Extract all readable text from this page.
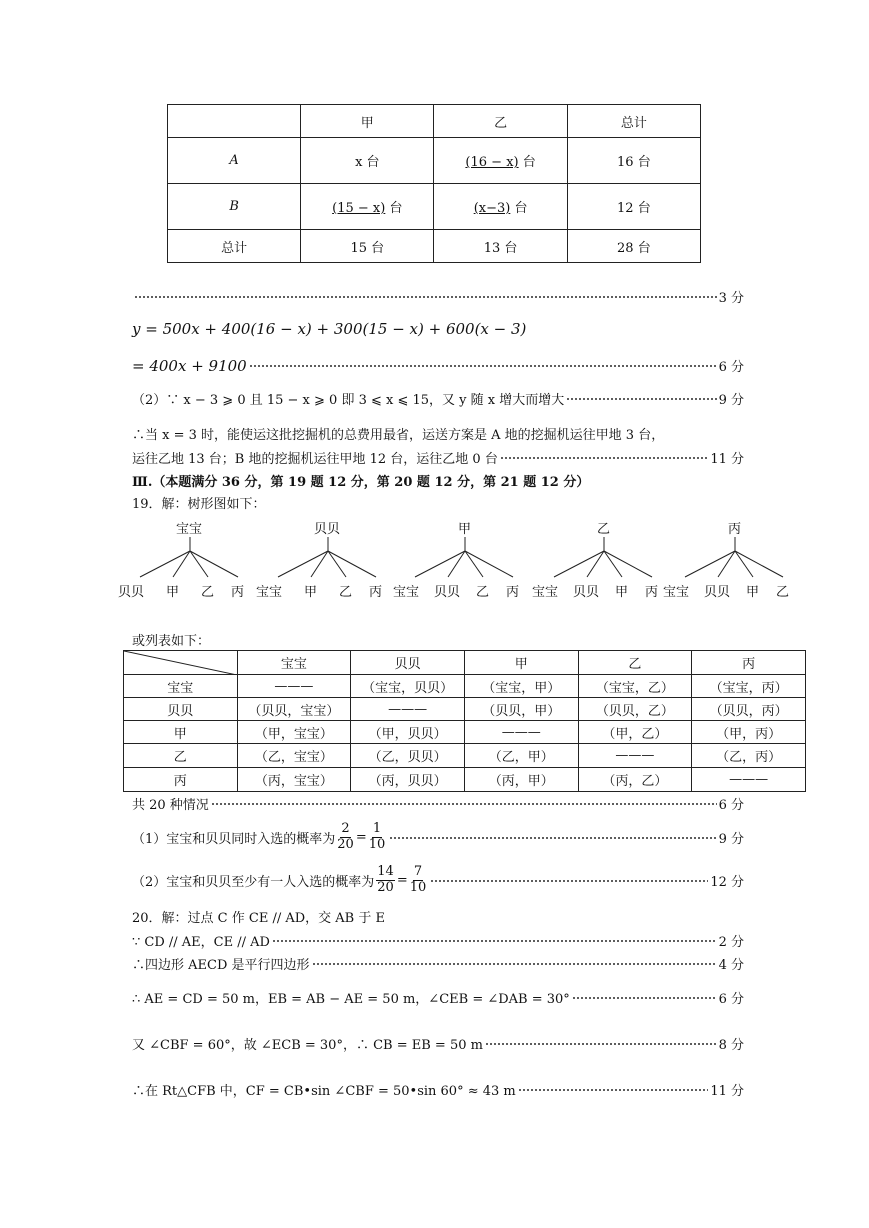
	甲	乙	总计
A	x 台	(16 − x) 台	16 台
B	(15 − x) 台	(x−3) 台	12 台
总计	15 台	13 台	28 台
3 分
y = 500x + 400(16 − x) + 300(15 − x) + 600(x − 3)
= 400x + 9100	6 分
（2）∵ x − 3 ⩾ 0 且 15 − x ⩾ 0 即 3 ⩽ x ⩽ 15，又 y 随 x 增大而增大	9 分
∴当 x = 3 时，能使运这批挖掘机的总费用最省，运送方案是 A 地的挖掘机运往甲地 3 台，
运往乙地 13 台；B 地的挖掘机运往甲地 12 台，运往乙地 0 台	11 分
Ⅲ.（本题满分 36 分，第 19 题 12 分，第 20 题 12 分，第 21 题 12 分）
19．解：树形图如下：
宝宝
贝贝 甲 乙 丙
贝贝
宝宝 甲 乙 丙
甲
宝宝 贝贝 乙 丙
乙
宝宝 贝贝 甲 丙
丙
宝宝 贝贝 甲 乙
或列表如下：
	宝宝	贝贝	甲	乙	丙
宝宝	———	（宝宝，贝贝）	（宝宝，甲）	（宝宝，乙）	（宝宝，丙）
贝贝	（贝贝，宝宝）	———	（贝贝，甲）	（贝贝，乙）	（贝贝，丙）
甲	（甲，宝宝）	（甲，贝贝）	———	（甲，乙）	（甲，丙）
乙	（乙，宝宝）	（乙，贝贝）	（乙，甲）	———	（乙，丙）
丙	（丙，宝宝）	（丙，贝贝）	（丙，甲）	（丙，乙）	———
共 20 种情况	6 分
（1）宝宝和贝贝同时入选的概率为 $\frac{2}{20} = \frac{1}{10}$	9 分
（2）宝宝和贝贝至少有一人入选的概率为 $\frac{14}{20} = \frac{7}{10}$	12 分
20．解：过点 C 作 CE // AD，交 AB 于 E
∵ CD // AE，CE // AD	2 分
∴四边形 AECD 是平行四边形	4 分
∴ AE = CD = 50 m，EB = AB − AE = 50 m，∠CEB = ∠DAB = 30°	6 分
又 ∠CBF = 60°，故 ∠ECB = 30°，∴ CB = EB = 50 m	8 分
∴在 Rt△CFB 中，CF = CB•sin ∠CBF = 50•sin 60° ≈ 43 m	11 分
